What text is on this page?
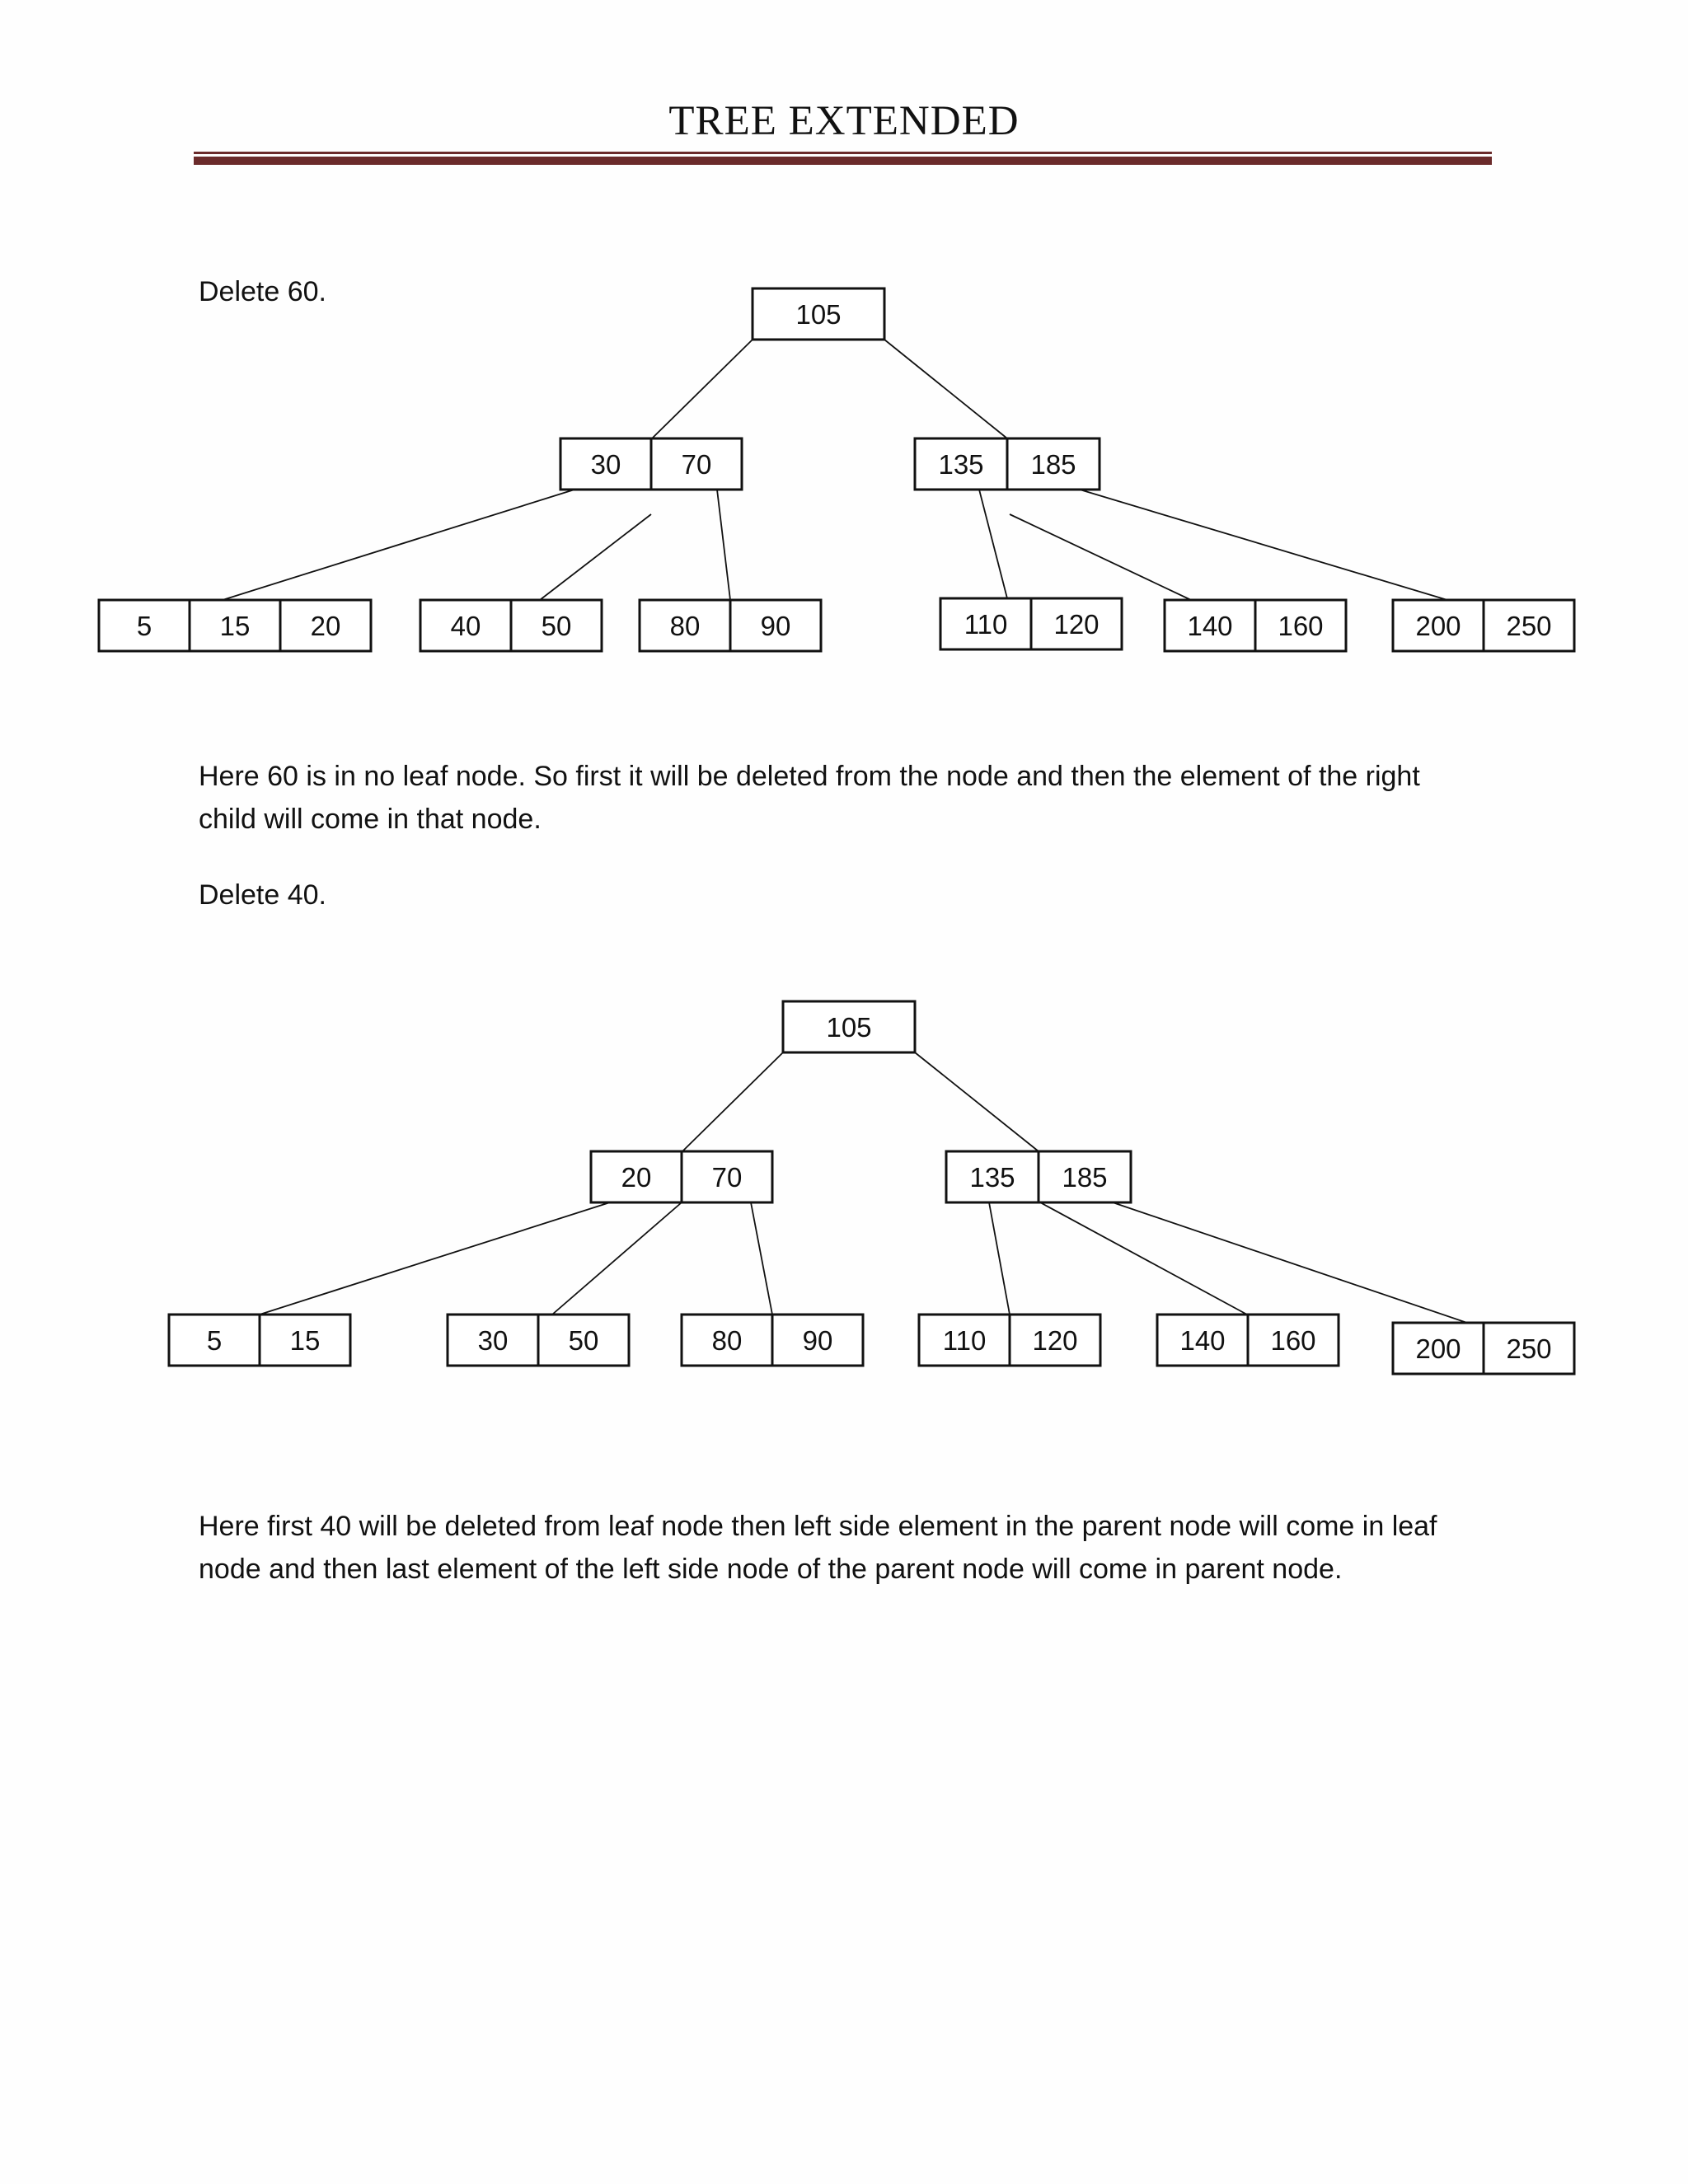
TREE EXTENDED
Delete 60.
105
30 70	135 185
5 15 20	40 50	80 90	110 120	140 160	200 250
Here 60 is in no leaf node. So first it will be deleted from the node and then the element of the right child will come in that node.
Delete 40.
105
20 70	135 185
5 15	30 50	80 90	110 120	140 160	200 250
Here first 40 will be deleted from leaf node then left side element in the parent node will come in leaf node and then last element of the left side node of the parent node will come in parent node.
